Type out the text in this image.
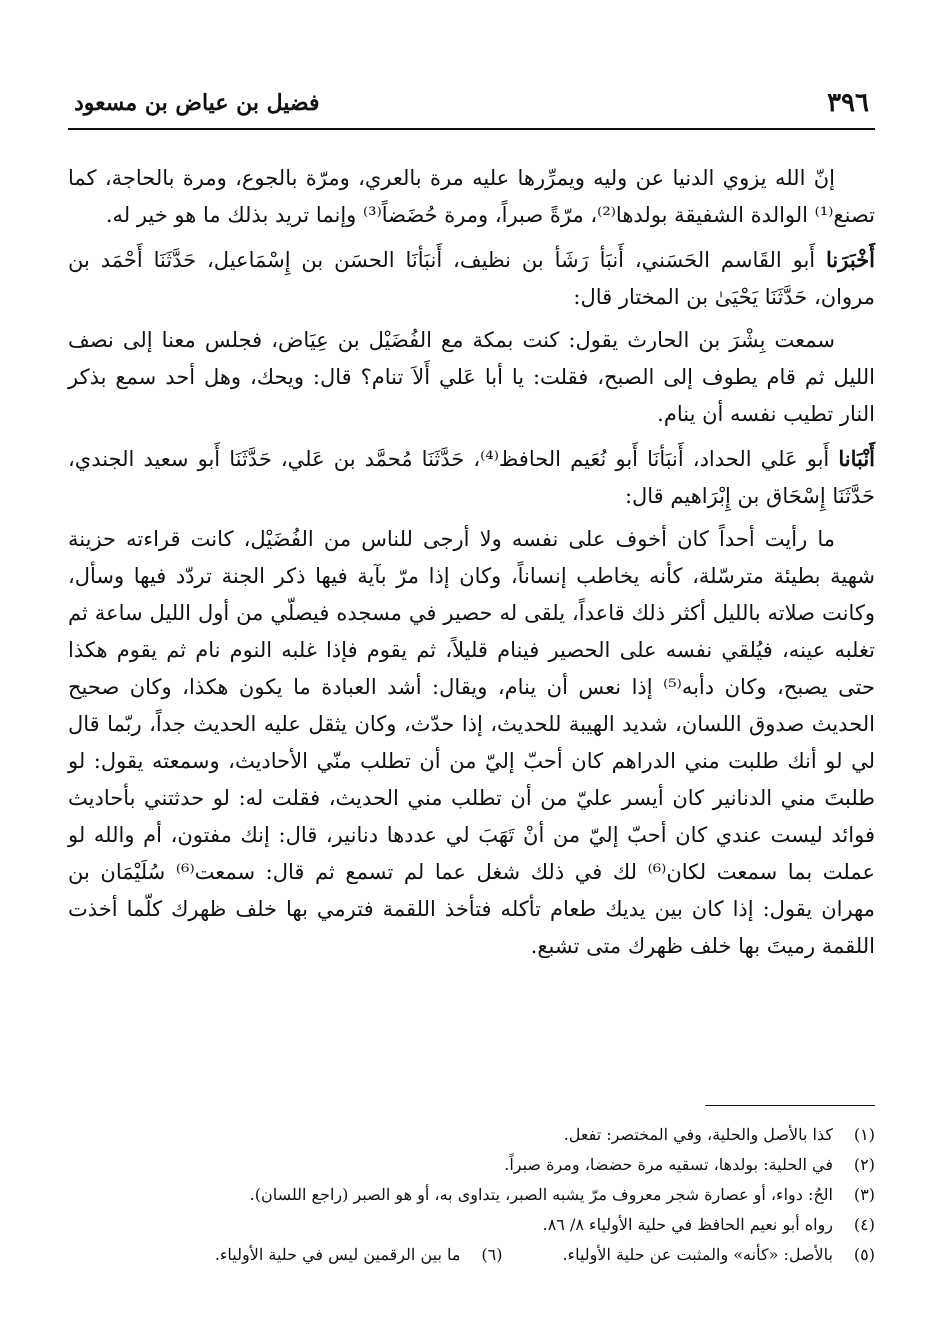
٣٩٦
فضيل بن عياض بن مسعود

إنّ الله يزوي الدنيا عن وليه ويمرِّرها عليه مرة بالعري، ومرّة بالجوع، ومرة بالحاجة، كما تصنع⁽¹⁾ الوالدة الشفيقة بولدها⁽²⁾، مرّةً صبراً، ومرة حُضَضاً⁽³⁾ وإنما تريد بذلك ما هو خير له.

أَخْبَرَنا أَبو القَاسم الحَسَني، أَنبَأ رَشَأ بن نظيف، أَنبَأنَا الحسَن بن إِسْمَاعيل، حَدَّثَنَا أَحْمَد بن مروان، حَدَّثَنَا يَحْيَىٰ بن المختار قال:

سمعت بِشْرَ بن الحارث يقول: كنت بمكة مع الفُضَيْل بن عِيَاض، فجلس معنا إلى نصف الليل ثم قام يطوف إلى الصبح، فقلت: يا أبا عَلي أَلاَ تنام؟ قال: ويحك، وهل أحد سمع بذكر النار تطيب نفسه أن ينام.

أَنْبَانا أَبو عَلي الحداد، أَنبَأنَا أَبو نُعَيم الحافظ⁽⁴⁾، حَدَّثَنَا مُحمَّد بن عَلي، حَدَّثَنَا أَبو سعيد الجندي، حَدَّثَنَا إِسْحَاق بن إِبْرَاهيم قال:

ما رأيت أحداً كان أخوف على نفسه ولا أرجى للناس من الفُضَيْل، كانت قراءته حزينة شهية بطيئة مترسّلة، كأنه يخاطب إنساناً، وكان إذا مرّ بآية فيها ذكر الجنة تردّد فيها وسأل، وكانت صلاته بالليل أكثر ذلك قاعداً، يلقى له حصير في مسجده فيصلّي من أول الليل ساعة ثم تغلبه عينه، فيُلقي نفسه على الحصير فينام قليلاً، ثم يقوم فإذا غلبه النوم نام ثم يقوم هكذا حتى يصبح، وكان دأبه⁽⁵⁾ إذا نعس أن ينام، ويقال: أشد العبادة ما يكون هكذا، وكان صحيح الحديث صدوق اللسان، شديد الهيبة للحديث، إذا حدّث، وكان يثقل عليه الحديث جداً، ربّما قال لي لو أنك طلبت مني الدراهم كان أحبّ إليّ من أن تطلب منّي الأحاديث، وسمعته يقول: لو طلبتَ مني الدنانير كان أيسر عليّ من أن تطلب مني الحديث، فقلت له: لو حدثتني بأحاديث فوائد ليست عندي كان أحبّ إليّ من أنْ تَهَبَ لي عددها دنانير، قال: إنك مفتون، أم والله لو عملت بما سمعت لكان⁽⁶⁾ لك في ذلك شغل عما لم تسمع ثم قال: سمعت⁽⁶⁾ سُلَيْمَان بن مهران يقول: إذا كان بين يديك طعام تأكله فتأخذ اللقمة فترمي بها خلف ظهرك كلّما أخذت اللقمة رميتَ بها خلف ظهرك متى تشبع.

(١)
كذا بالأصل والحلية، وفي المختصر: تفعل.
(٢)
في الحلية: بولدها، تسقيه مرة حضضا، ومرة صبراً.
(٣)
الحُ: دواء، أو عصارة شجر معروف مرّ يشبه الصبر، يتداوى به، أو هو الصبر (راجع اللسان).
(٤)
رواه أبو نعيم الحافظ في حلية الأولياء ٨/ ٨٦.
(٥)
بالأصل: «كأنه» والمثبت عن حلية الأولياء.
(٦)
ما بين الرقمين ليس في حلية الأولياء.
